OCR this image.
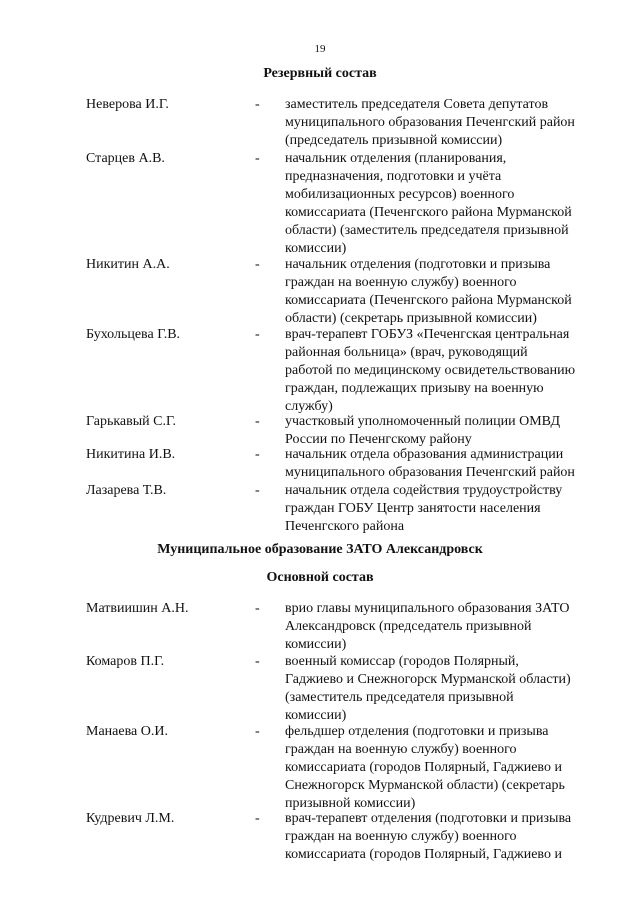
19
Резервный состав
Неверова И.Г.	- заместитель председателя Совета депутатов
муниципального образования Печенгский район
(председатель призывной комиссии)
Старцев А.В.	- начальник отделения (планирования,
предназначения, подготовки и учёта
мобилизационных ресурсов) военного
комиссариата (Печенгского района Мурманской
области) (заместитель председателя призывной
комиссии)
Никитин А.А.	- начальник отделения (подготовки и призыва
граждан на военную службу) военного
комиссариата (Печенгского района Мурманской
области) (секретарь призывной комиссии)
Бухольцева Г.В.	- врач-терапевт ГОБУЗ «Печенгская центральная
районная больница» (врач, руководящий
работой по медицинскому освидетельствованию
граждан, подлежащих призыву на военную
службу)
Гарькавый С.Г.	- участковый уполномоченный полиции ОМВД
России по Печенгскому району
Никитина И.В.	- начальник отдела образования администрации
муниципального образования Печенгский район
Лазарева Т.В.	- начальник отдела содействия трудоустройству
граждан ГОБУ Центр занятости населения
Печенгского района
Муниципальное образование ЗАТО Александровск
Основной состав
Матвиишин А.Н.	- врио главы муниципального образования ЗАТО
Александровск (председатель призывной
комиссии)
Комаров П.Г.	- военный комиссар (городов Полярный,
Гаджиево и Снежногорск Мурманской области)
(заместитель председателя призывной
комиссии)
Манаева О.И.	- фельдшер отделения (подготовки и призыва
граждан на военную службу) военного
комиссариата (городов Полярный, Гаджиево и
Снежногорск Мурманской области) (секретарь
призывной комиссии)
Кудревич Л.М.	- врач-терапевт отделения (подготовки и призыва
граждан на военную службу) военного
комиссариата (городов Полярный, Гаджиево и
